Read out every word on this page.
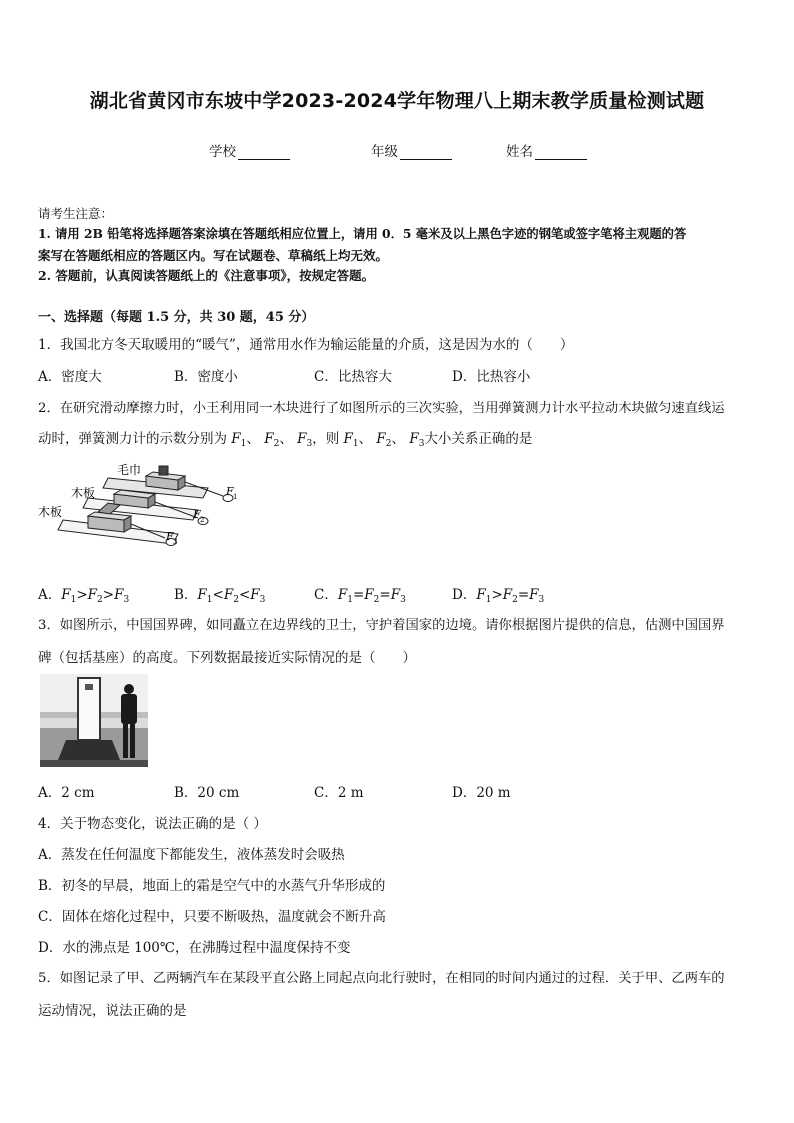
湖北省黄冈市东坡中学2023-2024学年物理八上期末教学质量检测试题
学校	年级	姓名
请考生注意：
1. 请用 2B 铅笔将选择题答案涂填在答题纸相应位置上，请用 0．5 毫米及以上黑色字迹的钢笔或签字笔将主观题的答
案写在答题纸相应的答题区内。写在试题卷、草稿纸上均无效。
2. 答题前，认真阅读答题纸上的《注意事项》，按规定答题。
一、选择题（每题 1.5 分，共 30 题，45 分）
1．我国北方冬天取暖用的“暖气”，通常用水作为输运能量的介质，这是因为水的（　　）
A．密度大	B．密度小	C．比热容大	D．比热容小
2．在研究滑动摩擦力时，小王利用同一木块进行了如图所示的三次实验，当用弹簧测力计水平拉动木块做匀速直线运
动时，弹簧测力计的示数分别为 $F_1$、 $F_2$、 $F_3$，则 $F_1$、 $F_2$、 $F_3$大小关系正确的是
毛巾
F 1
木板
F 2
木板
F 3
A．$F_1>F_2>F_3$	B．$F_1<F_2<F_3$	C．$F_1=F_2=F_3$	D．$F_1>F_2=F_3$
3．如图所示，中国国界碑，如同矗立在边界线的卫士，守护着国家的边境。请你根据图片提供的信息，估测中国国界
碑（包括基座）的高度。下列数据最接近实际情况的是（　　）
A．2 cm	B．20 cm	C．2 m	D．20 m
4．关于物态变化，说法正确的是（ ）
A．蒸发在任何温度下都能发生，液体蒸发时会吸热
B．初冬的早晨，地面上的霜是空气中的水蒸气升华形成的
C．固体在熔化过程中，只要不断吸热，温度就会不断升高
D．水的沸点是 100℃，在沸腾过程中温度保持不变
5．如图记录了甲、乙两辆汽车在某段平直公路上同起点向北行驶时，在相同的时间内通过的过程．关于甲、乙两车的
运动情况，说法正确的是
